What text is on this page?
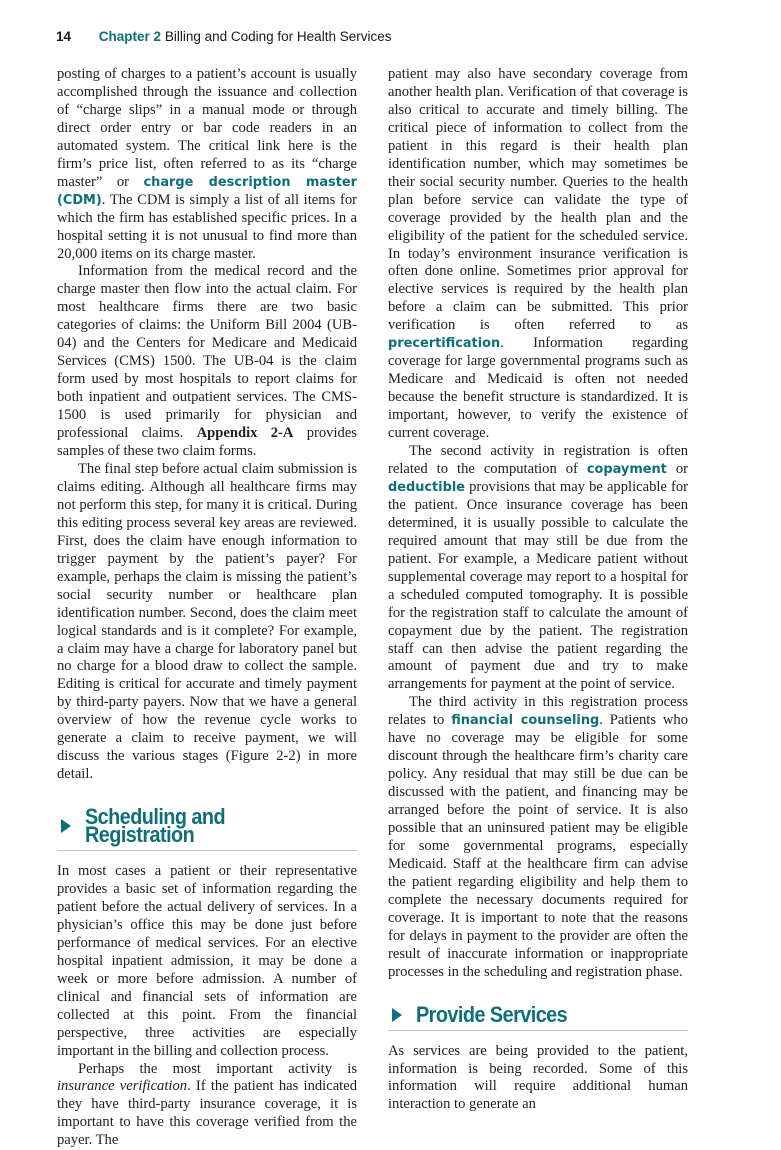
14 Chapter 2 Billing and Coding for Health Services

posting of charges to a patient’s account is usually accomplished through the issuance and collection of “charge slips” in a manual mode or through direct order entry or bar code readers in an automated system. The critical link here is the firm’s price list, often referred to as its “charge master” or charge description master (CDM). The CDM is simply a list of all items for which the firm has established specific prices. In a hospital setting it is not unusual to find more than 20,000 items on its charge master.

Information from the medical record and the charge master then flow into the actual claim. For most healthcare firms there are two basic categories of claims: the Uniform Bill 2004 (UB-04) and the Centers for Medicare and Medicaid Services (CMS) 1500. The UB-04 is the claim form used by most hospitals to report claims for both inpatient and outpatient services. The CMS-1500 is used primarily for physician and professional claims. Appendix 2-A provides samples of these two claim forms.

The final step before actual claim submission is claims editing. Although all healthcare firms may not perform this step, for many it is critical. During this editing process several key areas are reviewed. First, does the claim have enough information to trigger payment by the patient’s payer? For example, perhaps the claim is missing the patient’s social security number or healthcare plan identification number. Second, does the claim meet logical standards and is it complete? For example, a claim may have a charge for laboratory panel but no charge for a blood draw to collect the sample. Editing is critical for accurate and timely payment by third-party payers. Now that we have a general overview of how the revenue cycle works to generate a claim to receive payment, we will discuss the various stages (Figure 2-2) in more detail.

Scheduling and Registration

In most cases a patient or their representative provides a basic set of information regarding the patient before the actual delivery of services. In a physician’s office this may be done just before performance of medical services. For an elective hospital inpatient admission, it may be done a week or more before admission. A number of clinical and financial sets of information are collected at this point. From the financial perspective, three activities are especially important in the billing and collection process.

Perhaps the most important activity is insurance verification. If the patient has indicated they have third-party insurance coverage, it is important to have this coverage verified from the payer. The

patient may also have secondary coverage from another health plan. Verification of that coverage is also critical to accurate and timely billing. The critical piece of information to collect from the patient in this regard is their health plan identification number, which may sometimes be their social security number. Queries to the health plan before service can validate the type of coverage provided by the health plan and the eligibility of the patient for the scheduled service. In today’s environment insurance verification is often done online. Sometimes prior approval for elective services is required by the health plan before a claim can be submitted. This prior verification is often referred to as precertification. Information regarding coverage for large governmental programs such as Medicare and Medicaid is often not needed because the benefit structure is standardized. It is important, however, to verify the existence of current coverage.

The second activity in registration is often related to the computation of copayment or deductible provisions that may be applicable for the patient. Once insurance coverage has been determined, it is usually possible to calculate the required amount that may still be due from the patient. For example, a Medicare patient without supplemental coverage may report to a hospital for a scheduled computed tomography. It is possible for the registration staff to calculate the amount of copayment due by the patient. The registration staff can then advise the patient regarding the amount of payment due and try to make arrangements for payment at the point of service.

The third activity in this registration process relates to financial counseling. Patients who have no coverage may be eligible for some discount through the healthcare firm’s charity care policy. Any residual that may still be due can be discussed with the patient, and financing may be arranged before the point of service. It is also possible that an uninsured patient may be eligible for some governmental programs, especially Medicaid. Staff at the healthcare firm can advise the patient regarding eligibility and help them to complete the necessary documents required for coverage. It is important to note that the reasons for delays in payment to the provider are often the result of inaccurate information or inappropriate processes in the scheduling and registration phase.

Provide Services

As services are being provided to the patient, information is being recorded. Some of this information will require additional human interaction to generate an
